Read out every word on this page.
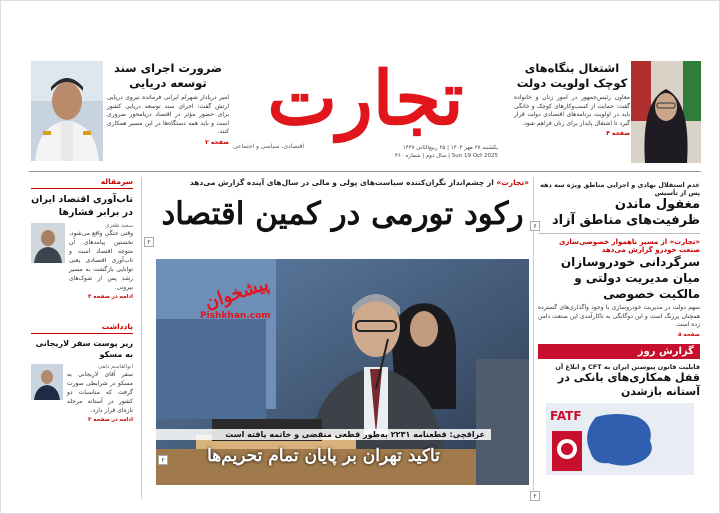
ضرورت اجرای سند توسعه دریایی
امیر دریادار شهرام ایرانی فرمانده نیروی دریایی ارتش گفت: اجرای سند توسعه دریایی کشور برای حضور مؤثر در اقتصاد دریامحور ضروری است و باید همه دستگاه‌ها در این مسیر همکاری کنند.
صفحه ۲
تجارت
اقتصادی، سیاسی و اجتماعی	یکشنبه ۲۷ مهر ۱۴۰۴ | ۲۵ ربیع‌الثانی ۱۴۴۷
سال دوم | شماره ۴۶۰ | Sun 19 Oct 2025
اشتغال بنگاه‌های کوچک اولویت دولت
معاون رئیس‌جمهور در امور زنان و خانواده گفت: حمایت از کسب‌وکارهای کوچک و خانگی باید در اولویت برنامه‌های اقتصادی دولت قرار گیرد تا اشتغال پایدار برای زنان فراهم شود.
صفحه ۴
سرمقاله
تاب‌آوری اقتصاد ایران در برابر فشارها
سعید ظفری
وقتی جنگی واقع می‌شود، نخستین پیامدهای آن متوجه اقتصاد است و تاب‌آوری اقتصادی یعنی توانایی بازگشت به مسیر رشد پس از شوک‌های بیرونی.
ادامه در صفحه ۳
یادداشت
زیر پوست سفر لاریجانی به مسکو
ابوالقاسم دلفی
سفر آقای لاریجانی به مسکو در شرایطی صورت گرفت که مناسبات دو کشور در آستانه مرحله تازه‌ای قرار دارد.
ادامه در صفحه ۳
«تجارت» از چشم‌انداز نگران‌کننده سیاست‌های پولی و مالی در سال‌های آینده گزارش می‌دهد
رکود تورمی در کمین اقتصاد
پیشخوان
Pishkhan.com
عراقچی: قطعنامه ۲۲۳۱ به‌طور قطعی منقضی و خاتمه یافته است
تاکید تهران بر پایان تمام تحریم‌ها
۲
۲
عدم استقلال نهادی و اجرایی مناطق ویژه سه دهه پس از تأسیس
مغفول ماندن ظرفیت‌های مناطق آزاد
«تجارت» از مسیر ناهموار خصوصی‌سازی صنعت خودرو گزارش می‌دهد
سرگردانی خودروسازان میان مدیریت دولتی و مالکیت خصوصی
سهم دولت در مدیریت خودروسازی با وجود واگذاری‌های گسترده همچنان پررنگ است و این دوگانگی به ناکارآمدی این صنعت دامن زده است.
صفحه ۵
گزارش روز
قابلیت قانون پیوستن ایران به CFT و ابلاغ آن
قفل همکاری‌های بانکی در آستانه بازشدن
FATF
۶
۲
